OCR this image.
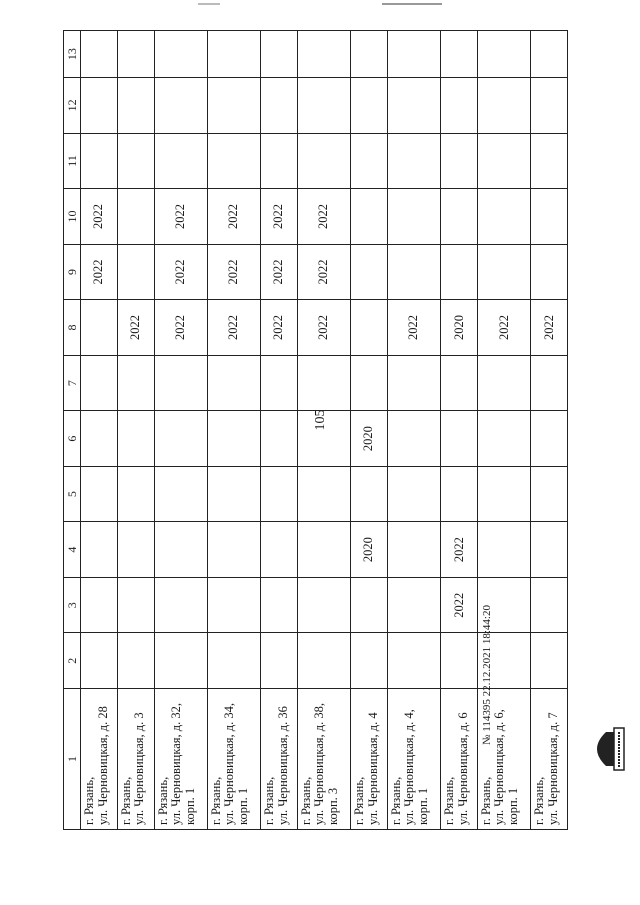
105
1	2	3	4	5	6	7	8	9	10	11	12	13

г. Рязань, ул. Черновицкая, д. 28								2022	2022			

г. Рязань, ул. Черновицкая, д. 3							2022					

г. Рязань, ул. Черновицкая, д. 32, корп. 1							2022	2022	2022			

г. Рязань, ул. Черновицкая, д. 34, корп. 1							2022	2022	2022			

г. Рязань, ул. Черновицкая, д. 36							2022	2022	2022			

г. Рязань, ул. Черновицкая, д. 38, корп. 3							2022	2022	2022			

г. Рязань, ул. Черновицкая, д. 4			2020		2020							

г. Рязань, ул. Черновицкая, д. 4, корп. 1							2022					

г. Рязань, ул. Черновицкая, д. 6		2022	2022				2020					

г. Рязань, ул. Черновицкая, д. 6, корп. 1							2022					

г. Рязань, ул. Черновицкая, д. 7							2022					
№ 114395 22.12.2021 18:44:20
